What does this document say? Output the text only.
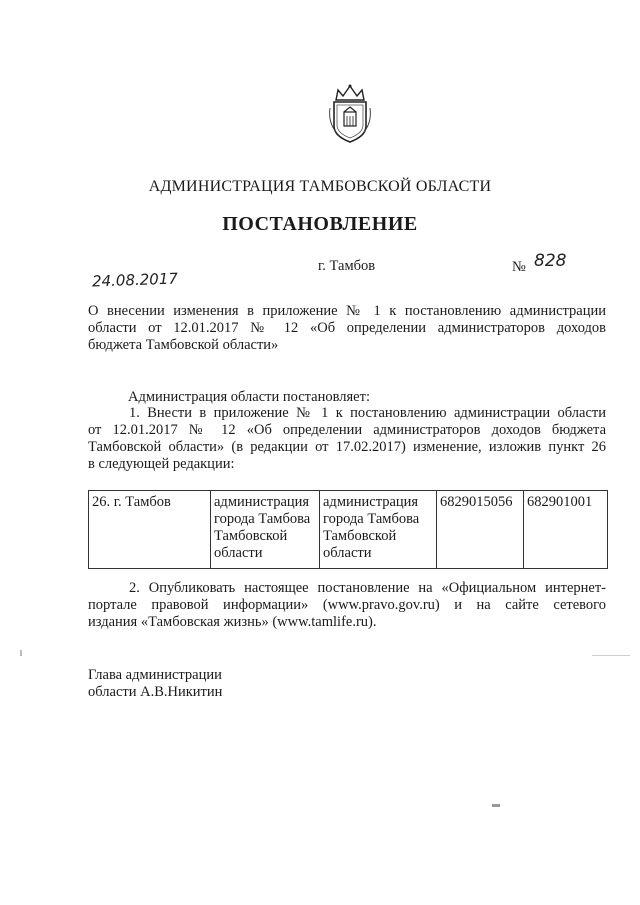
АДМИНИСТРАЦИЯ ТАМБОВСКОЙ ОБЛАСТИ
ПОСТАНОВЛЕНИЕ
24.08.2017
г. Тамбов	№ 828
О внесении изменения в приложение № 1 к постановлению администрации
области от 12.01.2017 № 12 «Об определении администраторов доходов
бюджета Тамбовской области»
Администрация области постановляет:
1. Внести в приложение № 1 к постановлению администрации области
от 12.01.2017 № 12 «Об определении администраторов доходов бюджета
Тамбовской области» (в редакции от 17.02.2017) изменение, изложив пункт 26
в следующей редакции:
26. г. Тамбов	администрация города Тамбова Тамбовской области	администрация города Тамбова Тамбовской области	6829015056	682901001
2. Опубликовать настоящее постановление на «Официальном интернет-
портале правовой информации» (www.pravo.gov.ru) и на сайте сетевого
издания «Тамбовская жизнь» (www.tamlife.ru).
Глава администрации
области А.В.Никитин
